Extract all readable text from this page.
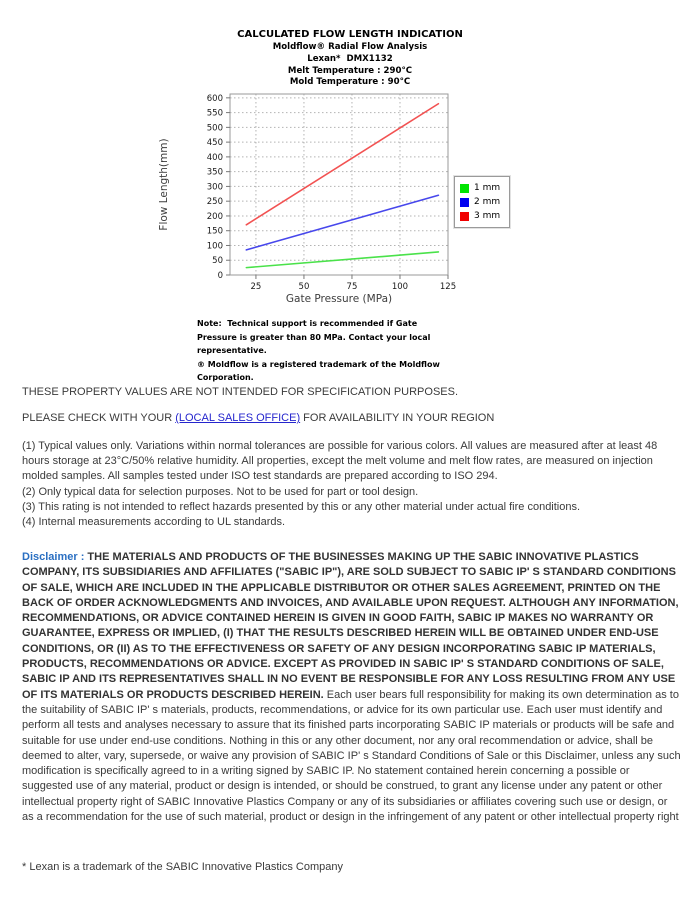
CALCULATED FLOW LENGTH INDICATION
Moldflow® Radial Flow Analysis
Lexan*  DMX1132
Melt Temperature : 290°C
Mold Temperature : 90°C
0
50
100
150
200
250
300
350
400
450
500
550
600
25	50	75	100	125
Gate Pressure (MPa)
Flow Length(mm)	1 mm
2 mm
3 mm
Note:  Technical support is recommended if Gate
Pressure is greater than 80 MPa. Contact your local
representative.
® Moldflow is a registered trademark of the Moldflow
Corporation.
THESE PROPERTY VALUES ARE NOT INTENDED FOR SPECIFICATION PURPOSES.
PLEASE CHECK WITH YOUR (LOCAL SALES OFFICE) FOR AVAILABILITY IN YOUR REGION
(1) Typical values only. Variations within normal tolerances are possible for various colors. All values are measured after at least 48 hours storage at 23°C/50% relative humidity. All properties, except the melt volume and melt flow rates, are measured on injection molded samples. All samples tested under ISO test standards are prepared according to ISO 294.
(2) Only typical data for selection purposes. Not to be used for part or tool design.
(3) This rating is not intended to reflect hazards presented by this or any other material under actual fire conditions.
(4) Internal measurements according to UL standards.
Disclaimer : THE MATERIALS AND PRODUCTS OF THE BUSINESSES MAKING UP THE SABIC INNOVATIVE PLASTICS COMPANY, ITS SUBSIDIARIES AND AFFILIATES ("SABIC IP"), ARE SOLD SUBJECT TO SABIC IP' S STANDARD CONDITIONS OF SALE, WHICH ARE INCLUDED IN THE APPLICABLE DISTRIBUTOR OR OTHER SALES AGREEMENT, PRINTED ON THE BACK OF ORDER ACKNOWLEDGMENTS AND INVOICES, AND AVAILABLE UPON REQUEST. ALTHOUGH ANY INFORMATION, RECOMMENDATIONS, OR ADVICE CONTAINED HEREIN IS GIVEN IN GOOD FAITH, SABIC IP MAKES NO WARRANTY OR GUARANTEE, EXPRESS OR IMPLIED, (I) THAT THE RESULTS DESCRIBED HEREIN WILL BE OBTAINED UNDER END-USE CONDITIONS, OR (II) AS TO THE EFFECTIVENESS OR SAFETY OF ANY DESIGN INCORPORATING SABIC IP MATERIALS, PRODUCTS, RECOMMENDATIONS OR ADVICE. EXCEPT AS PROVIDED IN SABIC IP' S STANDARD CONDITIONS OF SALE, SABIC IP AND ITS REPRESENTATIVES SHALL IN NO EVENT BE RESPONSIBLE FOR ANY LOSS RESULTING FROM ANY USE OF ITS MATERIALS OR PRODUCTS DESCRIBED HEREIN. Each user bears full responsibility for making its own determination as to the suitability of SABIC IP' s materials, products, recommendations, or advice for its own particular use. Each user must identify and perform all tests and analyses necessary to assure that its finished parts incorporating SABIC IP materials or products will be safe and suitable for use under end-use conditions. Nothing in this or any other document, nor any oral recommendation or advice, shall be deemed to alter, vary, supersede, or waive any provision of SABIC IP' s Standard Conditions of Sale or this Disclaimer, unless any such modification is specifically agreed to in a writing signed by SABIC IP. No statement contained herein concerning a possible or suggested use of any material, product or design is intended, or should be construed, to grant any license under any patent or other intellectual property right of SABIC Innovative Plastics Company or any of its subsidiaries or affiliates covering such use or design, or as a recommendation for the use of such material, product or design in the infringement of any patent or other intellectual property right
* Lexan is a trademark of the SABIC Innovative Plastics Company
